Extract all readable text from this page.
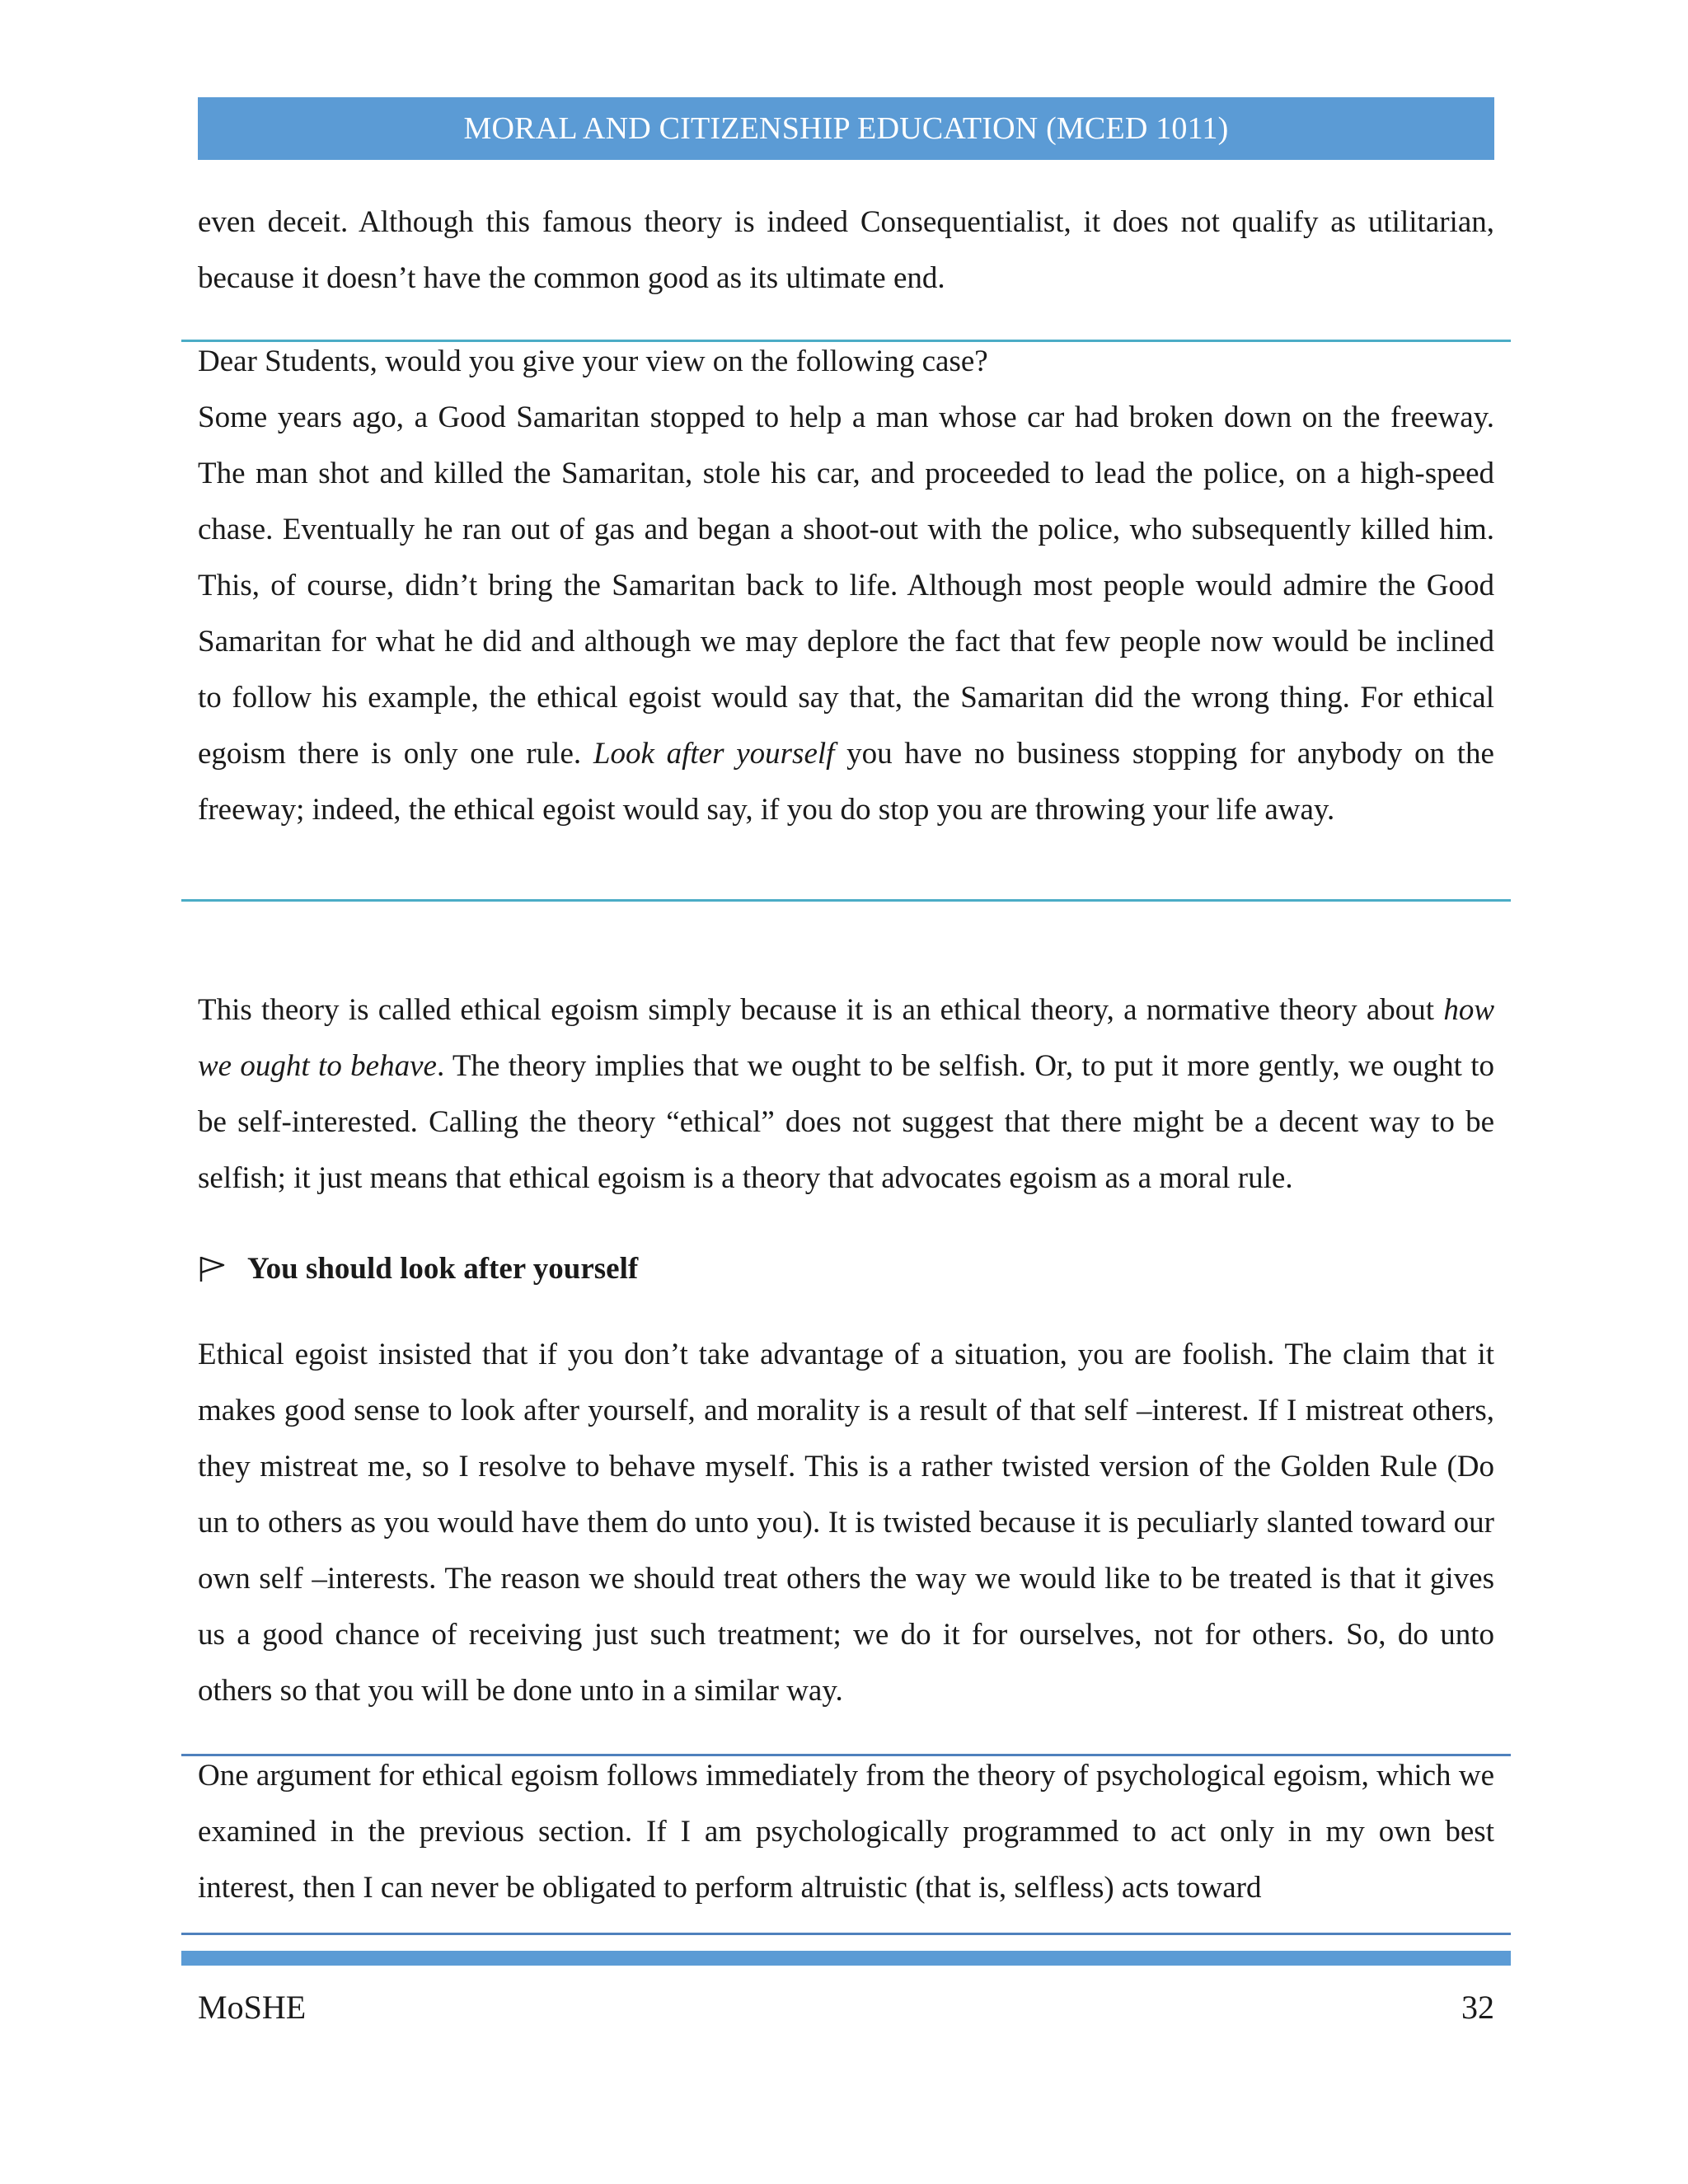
MORAL AND CITIZENSHIP EDUCATION (MCED 1011)

even deceit. Although this famous theory is indeed Consequentialist, it does not qualify as utilitarian, because it doesn’t have the common good as its ultimate end.

Dear Students, would you give your view on the following case?

Some years ago, a Good Samaritan stopped to help a man whose car had broken down on the freeway. The man shot and killed the Samaritan, stole his car, and proceeded to lead the police, on a high-speed chase. Eventually he ran out of gas and began a shoot-out with the police, who subsequently killed him. This, of course, didn’t bring the Samaritan back to life. Although most people would admire the Good Samaritan for what he did and although we may deplore the fact that few people now would be inclined to follow his example, the ethical egoist would say that, the Samaritan did the wrong thing. For ethical egoism there is only one rule. Look after yourself you have no business stopping for anybody on the freeway; indeed, the ethical egoist would say, if you do stop you are throwing your life away.

This theory is called ethical egoism simply because it is an ethical theory, a normative theory about how we ought to behave. The theory implies that we ought to be selfish. Or, to put it more gently, we ought to be self-interested. Calling the theory “ethical” does not suggest that there might be a decent way to be selfish; it just means that ethical egoism is a theory that advocates egoism as a moral rule.

You should look after yourself

Ethical egoist insisted that if you don’t take advantage of a situation, you are foolish. The claim that it makes good sense to look after yourself, and morality is a result of that self –interest. If I mistreat others, they mistreat me, so I resolve to behave myself. This is a rather twisted version of the Golden Rule (Do un to others as you would have them do unto you). It is twisted because it is peculiarly slanted toward our own self –interests. The reason we should treat others the way we would like to be treated is that it gives us a good chance of receiving just such treatment; we do it for ourselves, not for others. So, do unto others so that you will be done unto in a similar way.

One argument for ethical egoism follows immediately from the theory of psychological egoism, which we examined in the previous section. If I am psychologically programmed to act only in my own best interest, then I can never be obligated to perform altruistic (that is, selfless) acts toward

MoSHE	32
